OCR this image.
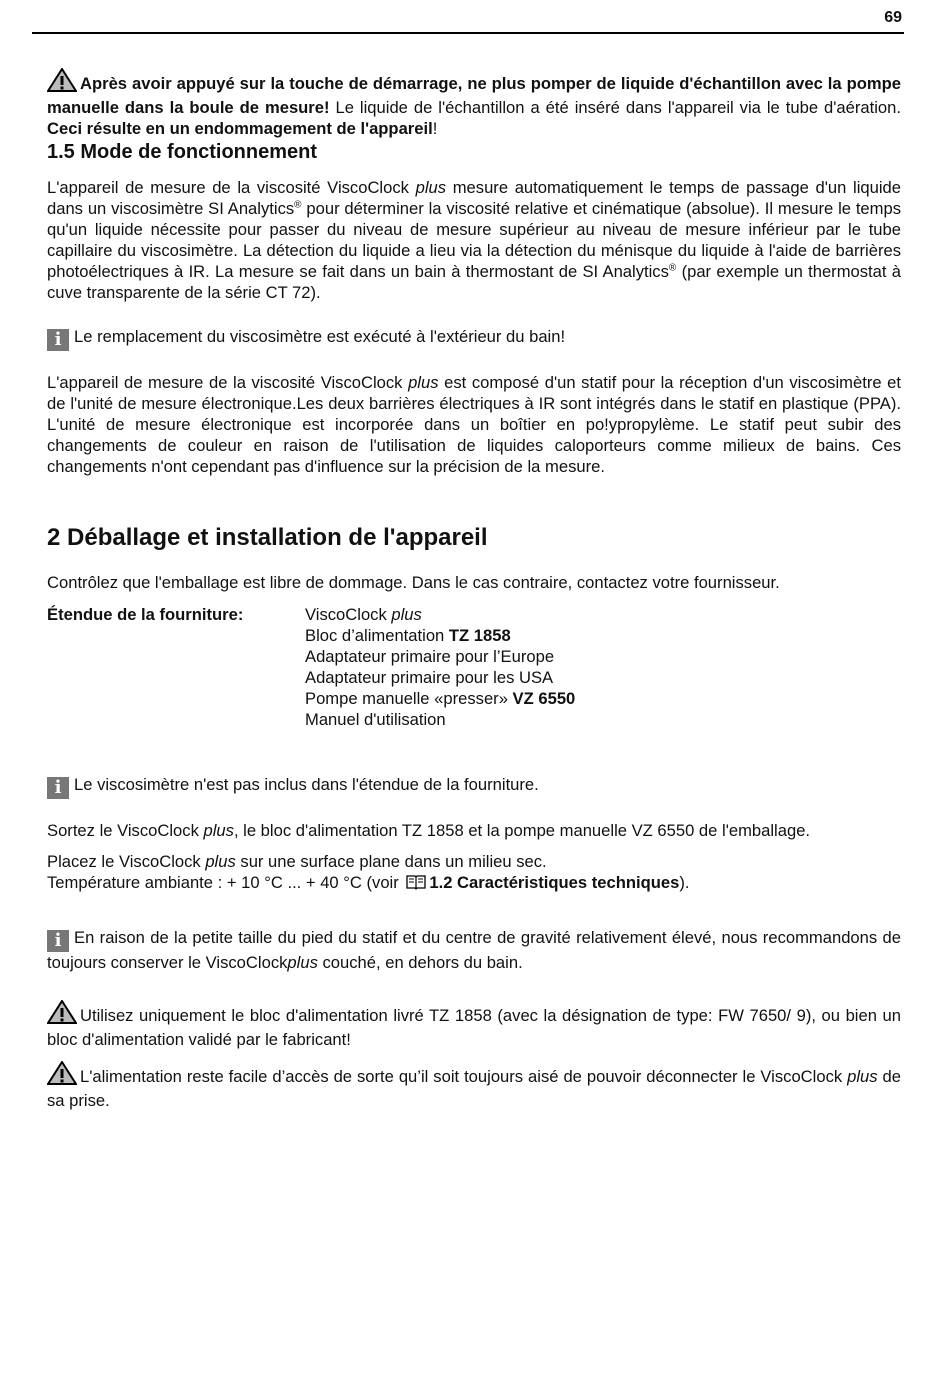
69

Après avoir appuyé sur la touche de démarrage, ne plus pomper de liquide d'échantillon avec la pompe manuelle dans la boule de mesure! Le liquide de l'échantillon a été inséré dans l'appareil via le tube d'aération. Ceci résulte en un endommagement de l'appareil!

1.5 Mode de fonctionnement

L'appareil de mesure de la viscosité ViscoClock plus mesure automatiquement le temps de passage d'un liquide dans un viscosimètre SI Analytics® pour déterminer la viscosité relative et cinématique (absolue). Il mesure le temps qu'un liquide nécessite pour passer du niveau de mesure supérieur au niveau de mesure inférieur par le tube capillaire du viscosimètre. La détection du liquide a lieu via la détection du ménisque du liquide à l'aide de barrières photoélectriques à IR. La mesure se fait dans un bain à thermostant de SI Analytics® (par exemple un thermostat à cuve transparente de la série CT 72).

i Le remplacement du viscosimètre est exécuté à l'extérieur du bain!

L'appareil de mesure de la viscosité ViscoClock plus est composé d'un statif pour la réception d'un viscosimètre et de l'unité de mesure électronique.Les deux barrières électriques à IR sont intégrés dans le statif en plastique (PPA). L'unité de mesure électronique est incorporée dans un boîtier en po!ypropylème. Le statif peut subir des changements de couleur en raison de l'utilisation de liquides caloporteurs comme milieux de bains. Ces changements n'ont cependant pas d'influence sur la précision de la mesure.

2 Déballage et installation de l'appareil

Contrôlez que l'emballage est libre de dommage. Dans le cas contraire, contactez votre fournisseur.

Étendue de la fourniture:	ViscoClock plus
Bloc d’alimentation TZ 1858
Adaptateur primaire pour l’Europe
Adaptateur primaire pour les USA
Pompe manuelle «presser» VZ 6550
Manuel d'utilisation

i Le viscosimètre n'est pas inclus dans l'étendue de la fourniture.

Sortez le ViscoClock plus, le bloc d'alimentation TZ 1858 et la pompe manuelle VZ 6550 de l'emballage.

Placez le ViscoClock plus sur une surface plane dans un milieu sec.
Température ambiante : + 10 °C ... + 40 °C (voir 1.2 Caractéristiques techniques).

i En raison de la petite taille du pied du statif et du centre de gravité relativement élevé, nous recommandons de toujours conserver le ViscoClockplus couché, en dehors du bain.

Utilisez uniquement le bloc d'alimentation livré TZ 1858 (avec la désignation de type: FW 7650/ 9), ou bien un bloc d'alimentation validé par le fabricant!

L'alimentation reste facile d’accès de sorte qu’il soit toujours aisé de pouvoir déconnecter le ViscoClock plus de sa prise.
